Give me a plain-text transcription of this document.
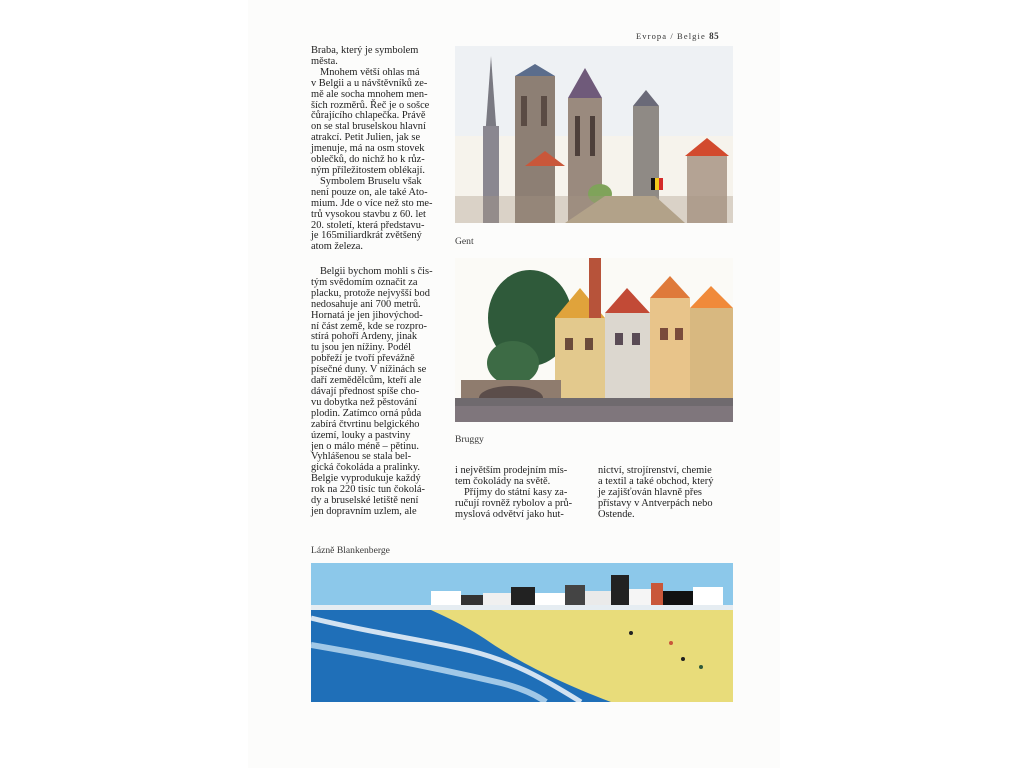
Evropa / Belgie 85

Braba, který je symbolem
města.

Mnohem větší ohlas má
v Belgii a u návštěvníků ze-
mě ale socha mnohem men-
ších rozměrů. Řeč je o sošce
čůrajícího chlapečka. Právě
on se stal bruselskou hlavní
atrakcí. Petit Julien, jak se
jmenuje, má na osm stovek
oblečků, do nichž ho k růz-
ným příležitostem oblékají.

Symbolem Bruselu však
není pouze on, ale také Ato-
mium. Jde o více než sto me-
trů vysokou stavbu z 60. let
20. století, která představu-
je 165miliardkrát zvětšený
atom železa.

Belgii bychom mohli s čis-
tým svědomím označit za
placku, protože nejvyšší bod
nedosahuje ani 700 metrů.
Hornatá je jen jihovýchod-
ní část země, kde se rozpro-
stírá pohoří Ardeny, jinak
tu jsou jen nížiny. Podél
pobřeží je tvoří převážně
písečné duny. V nížinách se
daří zemědělcům, kteří ale
dávají přednost spíše cho-
vu dobytka než pěstování
plodin. Zatímco orná půda
zabírá čtvrtinu belgického
území, louky a pastviny
jen o málo méně – pětinu.
Vyhlášenou se stala bel-
gická čokoláda a pralinky.
Belgie vyprodukuje každý
rok na 220 tisíc tun čokolá-
dy a bruselské letiště není
jen dopravním uzlem, ale

i největším prodejním mís-
tem čokolády na světě.

Příjmy do státní kasy za-
ručují rovněž rybolov a prů-
myslová odvětví jako hut-

nictví, strojírenství, chemie
a textil a také obchod, který
je zajišťován hlavně přes
přístavy v Antverpách nebo
Ostende.

Gent
Bruggy
Lázně Blankenberge
